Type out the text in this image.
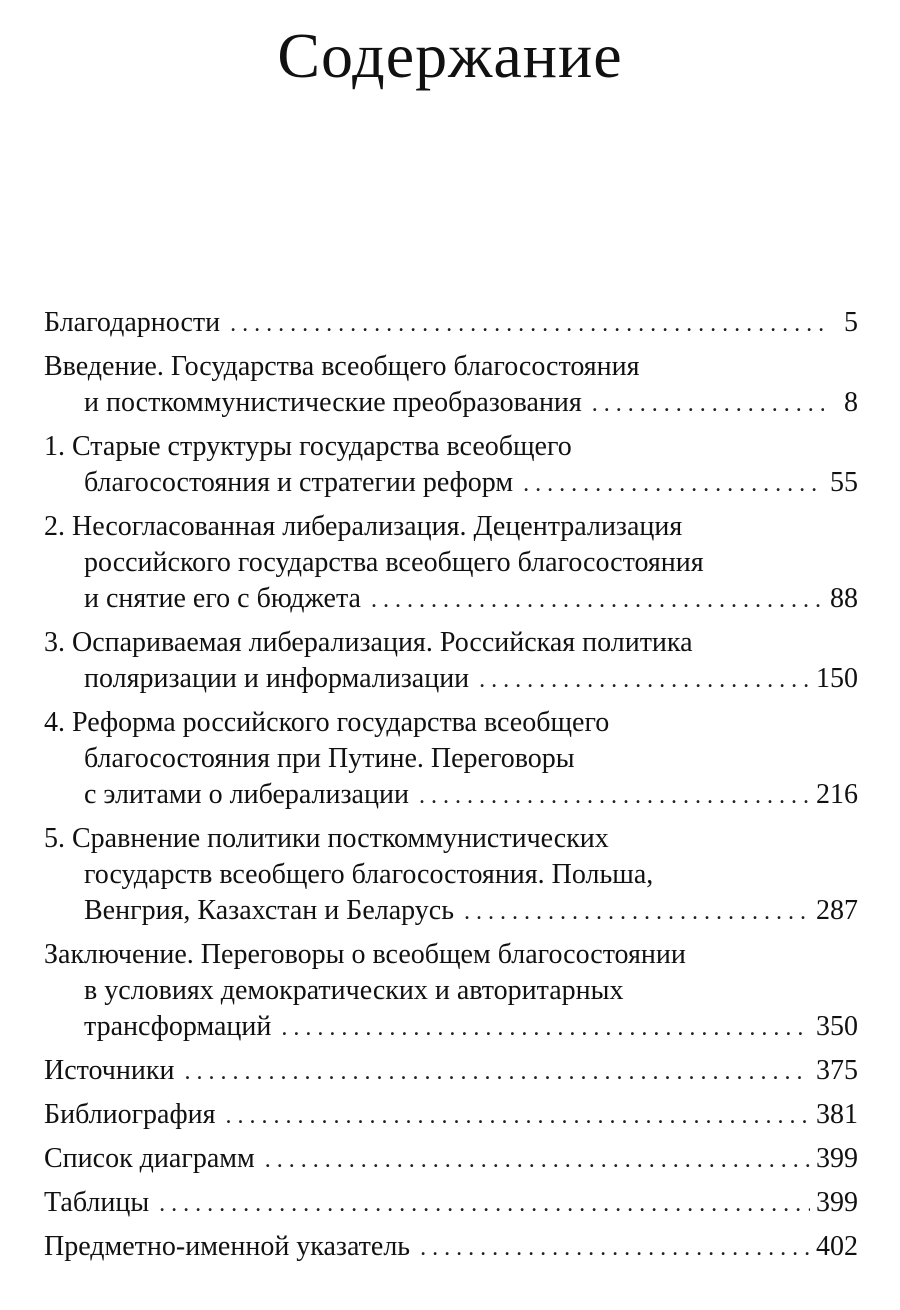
Содержание
Благодарности . . .	5
Введение. Государства всеобщего благосостояния
и посткоммунистические преобразования . . .	8
1. Старые структуры государства всеобщего
благосостояния и стратегии реформ . . .	55
2. Несогласованная либерализация. Децентрализация
российского государства всеобщего благосостояния
и снятие его с бюджета . . .	88
3. Оспариваемая либерализация. Российская политика
поляризации и информализации . . .	150
4. Реформа российского государства всеобщего
благосостояния при Путине. Переговоры
с элитами о либерализации . . .	216
5. Сравнение политики посткоммунистических
государств всеобщего благосостояния. Польша,
Венгрия, Казахстан и Беларусь . . .	287
Заключение. Переговоры о всеобщем благосостоянии
в условиях демократических и авторитарных
трансформаций . . .	350
Источники . . .	375
Библиография . . .	381
Список диаграмм . . .	399
Таблицы . . .	399
Предметно-именной указатель . . .	402
